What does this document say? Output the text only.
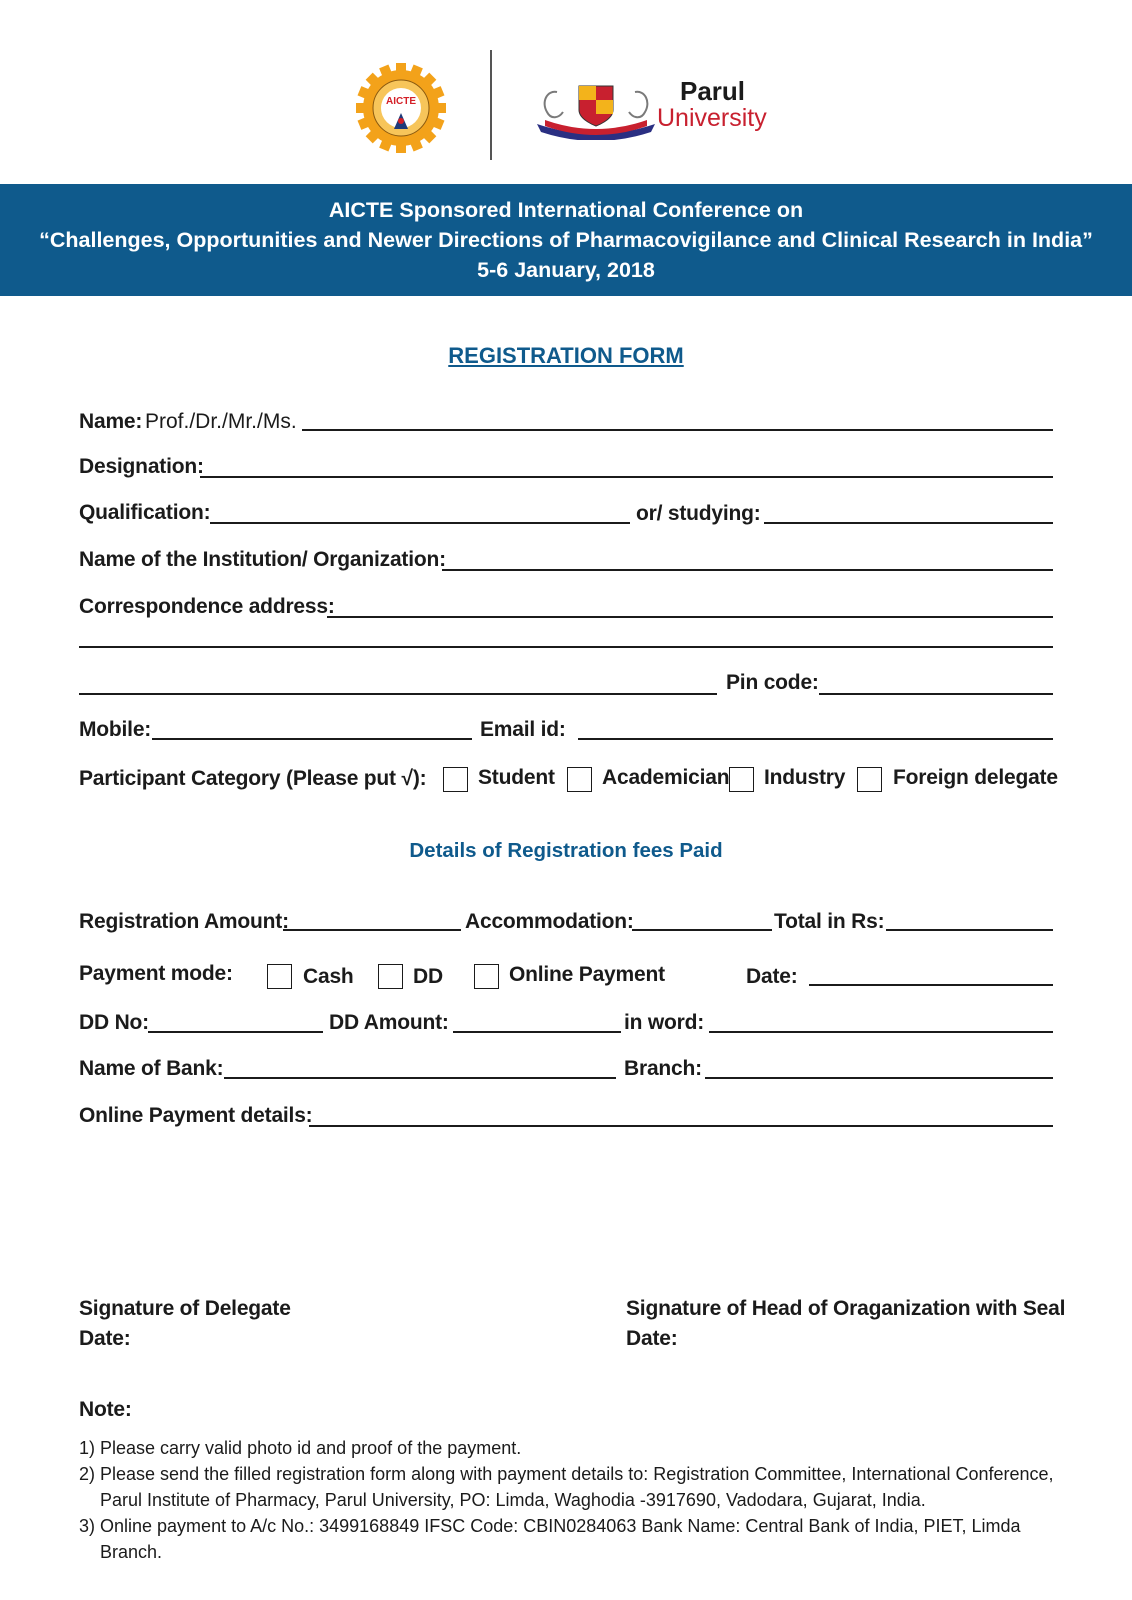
AICTE	Parul
University
AICTE Sponsored International Conference on
“Challenges, Opportunities and Newer Directions of Pharmacovigilance and Clinical Research in India”
5-6 January, 2018
REGISTRATION FORM
Name: Prof./Dr./Mr./Ms.
Designation:
Qualification:	or/ studying:
Name of the Institution/ Organization:
Correspondence address:
Pin code:
Mobile:	Email id:
Participant Category (Please put √): Student Academician Industry Foreign delegate
Details of Registration fees Paid
Registration Amount:	Accommodation:	Total in Rs:
Payment mode:	Cash	DD	Online Payment	Date:
DD No:	DD Amount:	in word:
Name of Bank:	Branch:
Online Payment details:
Signature of Delegate
Date:
Signature of Head of Oraganization with Seal
Date:
Note:
1) Please carry valid photo id and proof of the payment.
2) Please send the filled registration form along with payment details to: Registration Committee, International Conference,
Parul Institute of Pharmacy, Parul University, PO: Limda, Waghodia -3917690, Vadodara, Gujarat, India.
3) Online payment to A/c No.: 3499168849 IFSC Code: CBIN0284063 Bank Name: Central Bank of India, PIET, Limda
Branch.
